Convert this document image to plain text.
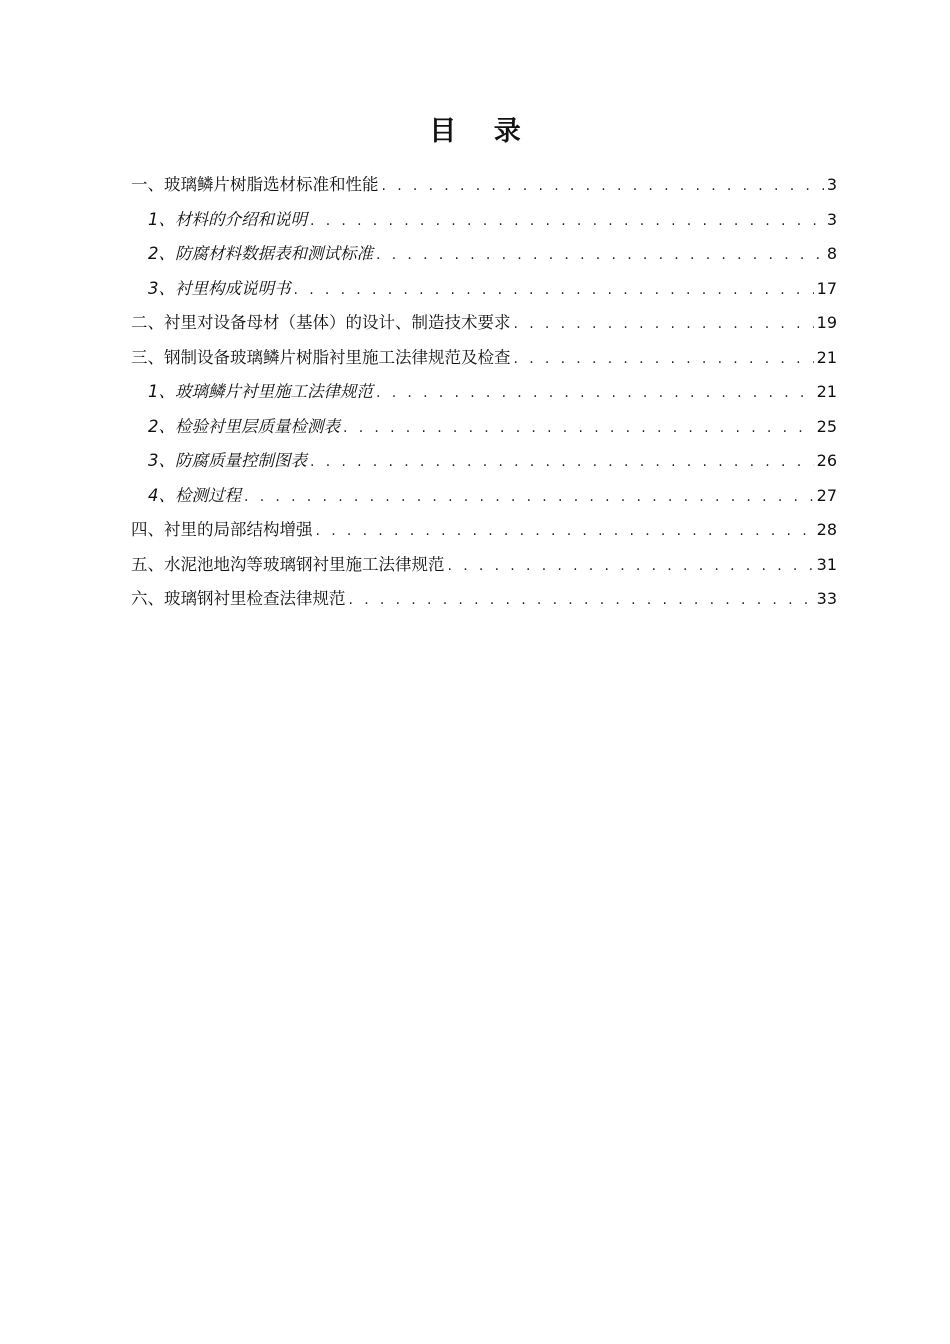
目 录
一、玻璃鳞片树脂选材标准和性能 . . .	3
1、材料的介绍和说明 . . .	3
2、防腐材料数据表和测试标准 . . .	8
3、衬里构成说明书 . . .	17
二、衬里对设备母材（基体）的设计、制造技术要求 . . .	19
三、钢制设备玻璃鳞片树脂衬里施工法律规范及检查 . . .	21
1、玻璃鳞片衬里施工法律规范 . . .	21
2、检验衬里层质量检测表 . . .	25
3、防腐质量控制图表 . . .	26
4、检测过程 . . .	27
四、衬里的局部结构增强 . . .	28
五、水泥池地沟等玻璃钢衬里施工法律规范 . . .	31
六、玻璃钢衬里检查法律规范 . . .	33
